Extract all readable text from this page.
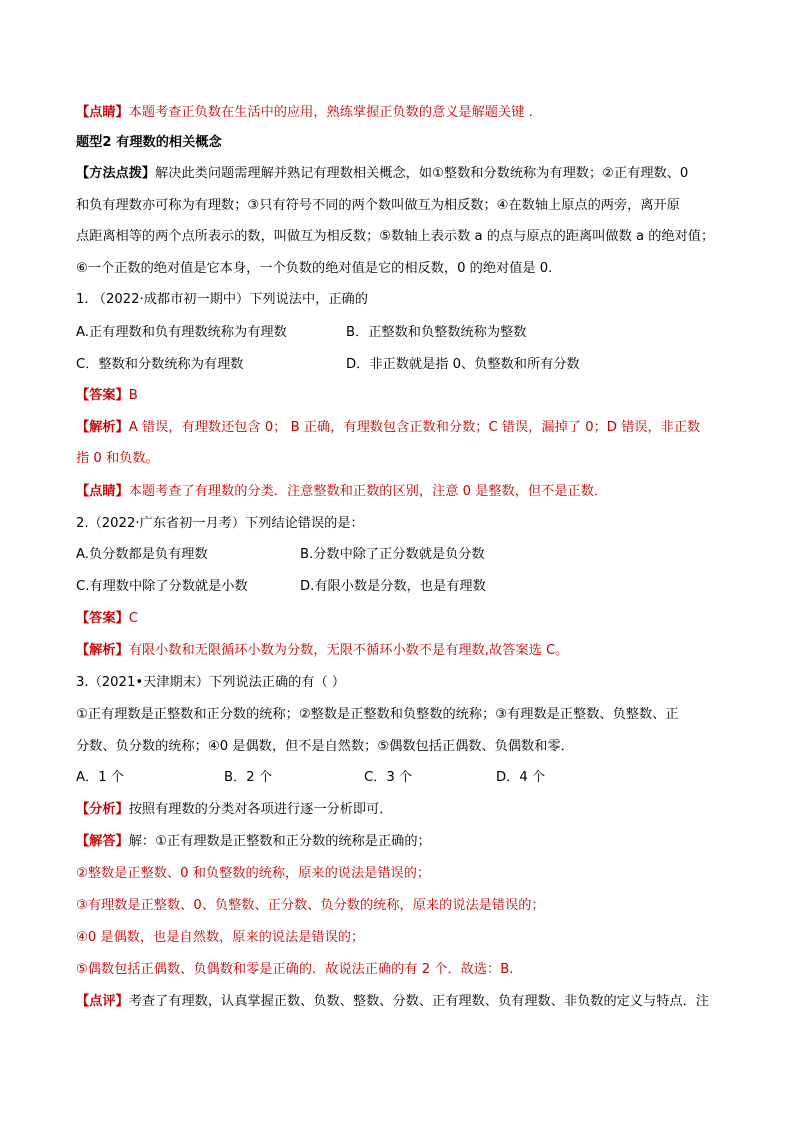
【点睛】本题考查正负数在生活中的应用，熟练掌握正负数的意义是解题关键 .
题型2 有理数的相关概念
【方法点拨】解决此类问题需理解并熟记有理数相关概念，如①整数和分数统称为有理数；②正有理数、0
和负有理数亦可称为有理数；③只有符号不同的两个数叫做互为相反数；④在数轴上原点的两旁，离开原
点距离相等的两个点所表示的数，叫做互为相反数；⑤数轴上表示数 a 的点与原点的距离叫做数 a 的绝对值；
⑥一个正数的绝对值是它本身，一个负数的绝对值是它的相反数，0 的绝对值是 0.
1. （2022·成都市初一期中）下列说法中，正确的
A.正有理数和负有理数统称为有理数	B．正整数和负整数统称为整数
C．整数和分数统称为有理数	D．非正数就是指 0、负整数和所有分数
【答案】B
【解析】A 错误，有理数还包含 0； B 正确，有理数包含正数和分数；C 错误，漏掉了 0；D 错误，非正数
指 0 和负数。
【点睛】本题考查了有理数的分类．注意整数和正数的区别，注意 0 是整数，但不是正数．
2.（2022·广东省初一月考）下列结论错误的是：
A.负分数都是负有理数	B.分数中除了正分数就是负分数
C.有理数中除了分数就是小数	D.有限小数是分数，也是有理数
【答案】C
【解析】有限小数和无限循环小数为分数，无限不循环小数不是有理数,故答案选 C。
3.（2021•天津期末）下列说法正确的有（ ）
①正有理数是正整数和正分数的统称；②整数是正整数和负整数的统称；③有理数是正整数、负整数、正
分数、负分数的统称；④0 是偶数，但不是自然数；⑤偶数包括正偶数、负偶数和零．
A．1 个	B．2 个	C．3 个	D．4 个
【分析】按照有理数的分类对各项进行逐一分析即可．
【解答】解：①正有理数是正整数和正分数的统称是正确的；
②整数是正整数、0 和负整数的统称，原来的说法是错误的；
③有理数是正整数、0、负整数、正分数、负分数的统称，原来的说法是错误的；
④0 是偶数，也是自然数，原来的说法是错误的；
⑤偶数包括正偶数、负偶数和零是正确的．故说法正确的有 2 个．故选：B.
【点评】考查了有理数，认真掌握正数、负数、整数、分数、正有理数、负有理数、非负数的定义与特点．注
